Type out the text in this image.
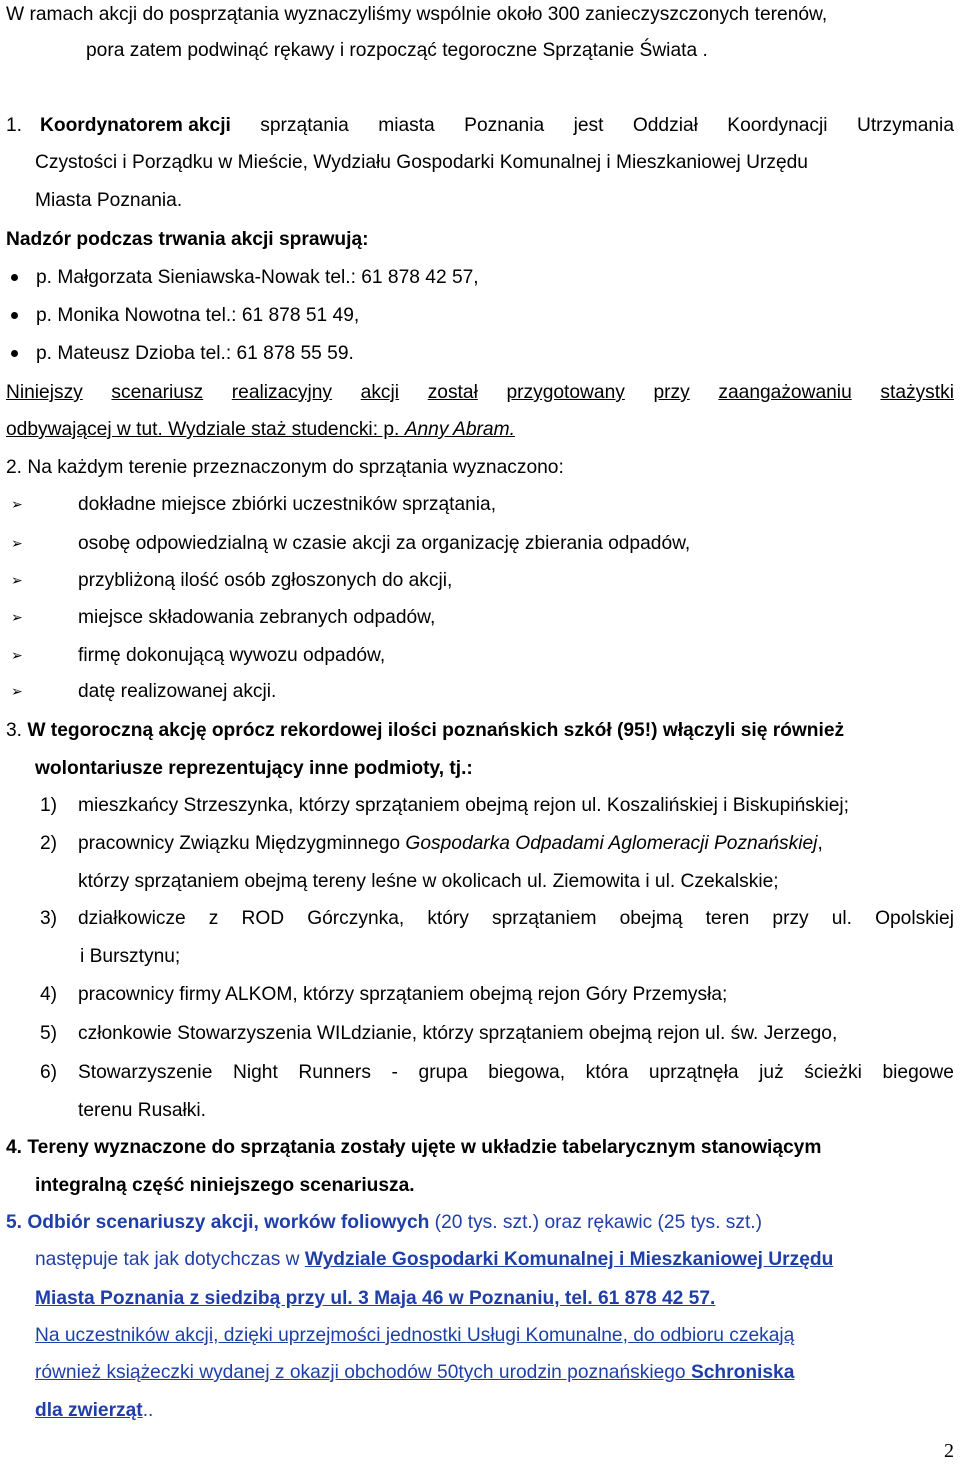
W ramach akcji do posprzątania wyznaczyliśmy wspólnie około 300 zanieczyszczonych terenów,
pora zatem podwinąć rękawy i rozpocząć tegoroczne Sprzątanie Świata .
1. Koordynatorem akcji sprzątania miasta Poznania jest Oddział Koordynacji Utrzymania
Czystości i Porządku w Mieście, Wydziału Gospodarki Komunalnej i Mieszkaniowej Urzędu
Miasta Poznania.
Nadzór podczas trwania akcji sprawują:
p. Małgorzata Sieniawska-Nowak tel.: 61 878 42 57,
p. Monika Nowotna tel.: 61 878 51 49,
p. Mateusz Dzioba tel.: 61 878 55 59.
Niniejszy scenariusz realizacyjny akcji został przygotowany przy zaangażowaniu stażystki
odbywającej w tut. Wydziale staż studencki: p. Anny Abram.
2. Na każdym terenie przeznaczonym do sprzątania wyznaczono:
➢	dokładne miejsce zbiórki uczestników sprzątania,
➢	osobę odpowiedzialną w czasie akcji za organizację zbierania odpadów,
➢	przybliżoną ilość osób zgłoszonych do akcji,
➢	miejsce składowania zebranych odpadów,
➢	firmę dokonującą wywozu odpadów,
➢	datę realizowanej akcji.
3. W tegoroczną akcję oprócz rekordowej ilości poznańskich szkół (95!) włączyli się również
wolontariusze reprezentujący inne podmioty, tj.:
1)	mieszkańcy Strzeszynka, którzy sprzątaniem obejmą rejon ul. Koszalińskiej i Biskupińskiej;
2)	pracownicy Związku Międzygminnego Gospodarka Odpadami Aglomeracji Poznańskiej,
którzy sprzątaniem obejmą tereny leśne w okolicach ul. Ziemowita i ul. Czekalskie;
3)	działkowicze z ROD Górczynka, który sprzątaniem obejmą teren przy ul. Opolskiej
i Bursztynu;
4)	pracownicy firmy ALKOM, którzy sprzątaniem obejmą rejon Góry Przemysła;
5)	członkowie Stowarzyszenia WILdzianie, którzy sprzątaniem obejmą rejon ul. św. Jerzego,
6)	Stowarzyszenie Night Runners - grupa biegowa, która uprzątnęła już ścieżki biegowe
terenu Rusałki.
4. Tereny wyznaczone do sprzątania zostały ujęte w układzie tabelarycznym stanowiącym
integralną część niniejszego scenariusza.
5. Odbiór scenariuszy akcji, worków foliowych (20 tys. szt.) oraz rękawic (25 tys. szt.)
następuje tak jak dotychczas w Wydziale Gospodarki Komunalnej i Mieszkaniowej Urzędu
Miasta Poznania z siedzibą przy ul. 3 Maja 46 w Poznaniu, tel. 61 878 42 57.
Na uczestników akcji, dzięki uprzejmości jednostki Usługi Komunalne, do odbioru czekają
również książeczki wydanej z okazji obchodów 50tych urodzin poznańskiego Schroniska
dla zwierząt..
2
